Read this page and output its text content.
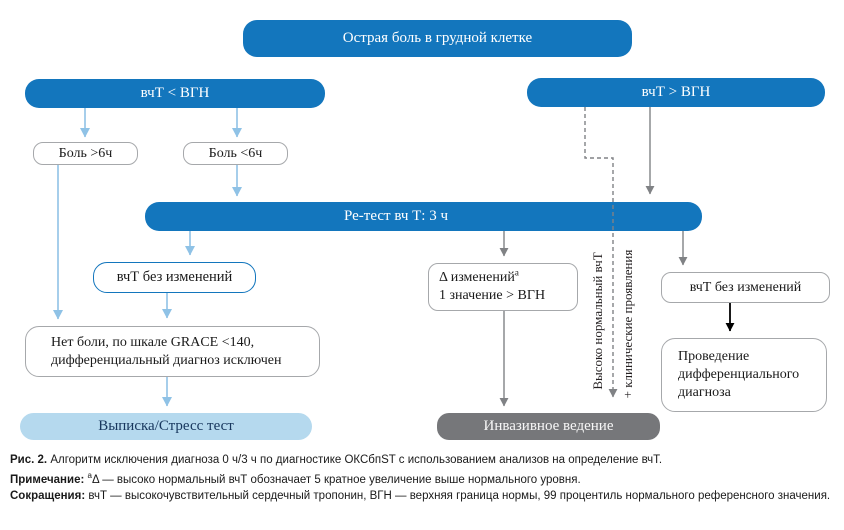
Острая боль в грудной клетке
вчТ < ВГН	вчТ > ВГН
Боль >6ч	Боль <6ч
Ре-тест вч Т: 3 ч
вчТ без изменений	Δ изменений$^a$
1 значение > ВГН
вчТ без изменений
Нет боли, по шкале GRACE <140,
дифференциальный диагноз исключен	Проведение
дифференциального
диагноза
Выписка/Стресс тест	Инвазивное ведение
Высоко нормальный вчТ + клинические проявления

Рис. 2. Алгоритм исключения диагноза 0 ч/3 ч по диагностике ОКСбпST с использованием анализов на определение вчТ.

Примечание: $^a$Δ — высоко нормальный вчТ обозначает 5 кратное увеличение выше нормального уровня.

Сокращения: вчТ — высокочувствительный сердечный тропонин, ВГН — верхняя граница нормы, 99 процентиль нормального референсного значения.
